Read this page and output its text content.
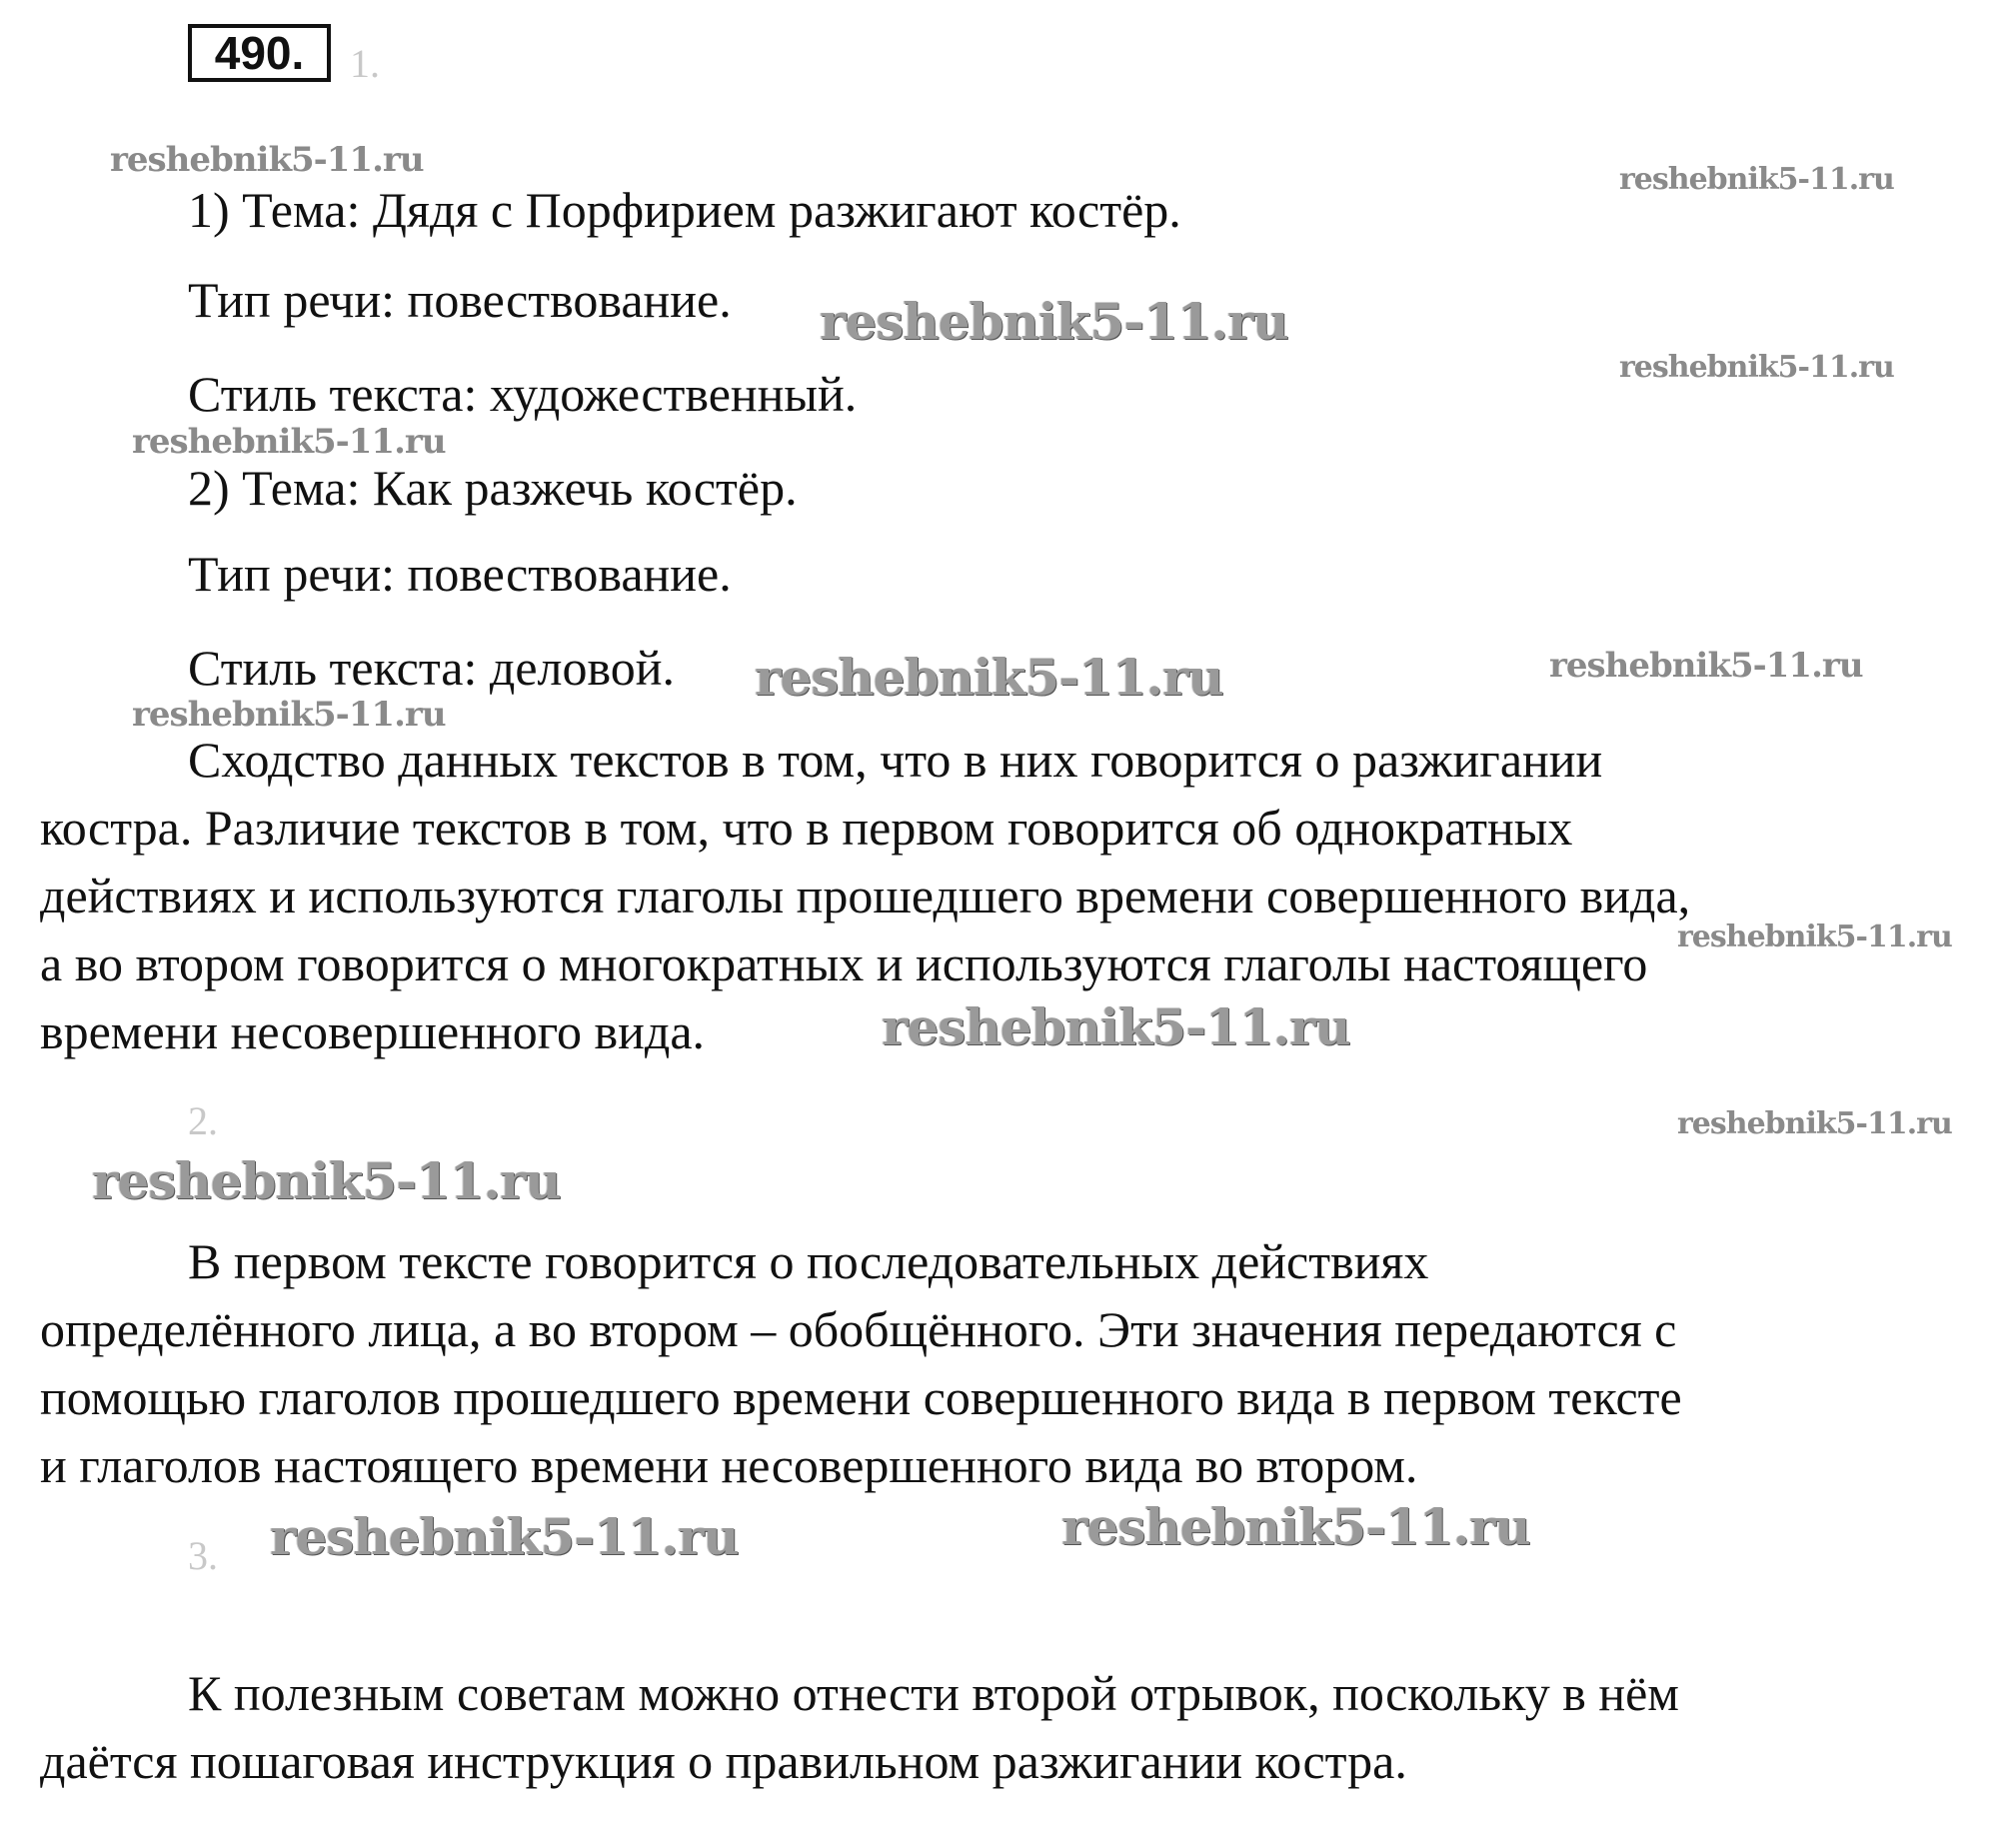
490.	1.
2.
3.
1) Тема: Дядя с Порфирием разжигают костёр.
Тип речи: повествование.
Стиль текста: художественный.
2) Тема: Как разжечь костёр.
Тип речи: повествование.
Стиль текста: деловой.
Сходство данных текстов в том, что в них говорится о разжигании
костра. Различие текстов в том, что в первом говорится об однократных
действиях и используются глаголы прошедшего времени совершенного вида,
а во втором говорится о многократных и используются глаголы настоящего
времени несовершенного вида.
В первом тексте говорится о последовательных действиях
определённого лица, а во втором – обобщённого. Эти значения передаются с
помощью глаголов прошедшего времени совершенного вида в первом тексте
и глаголов настоящего времени несовершенного вида во втором.
К полезным советам можно отнести второй отрывок, поскольку в нём
даётся пошаговая инструкция о правильном разжигании костра.
reshebnik5-11.ru	reshebnik5-11.ru
reshebnik5-11.ru
reshebnik5-11.ru
reshebnik5-11.ru
reshebnik5-11.ru	reshebnik5-11.ru
reshebnik5-11.ru
reshebnik5-11.ru
reshebnik5-11.ru
reshebnik5-11.ru
reshebnik5-11.ru
reshebnik5-11.ru	reshebnik5-11.ru
